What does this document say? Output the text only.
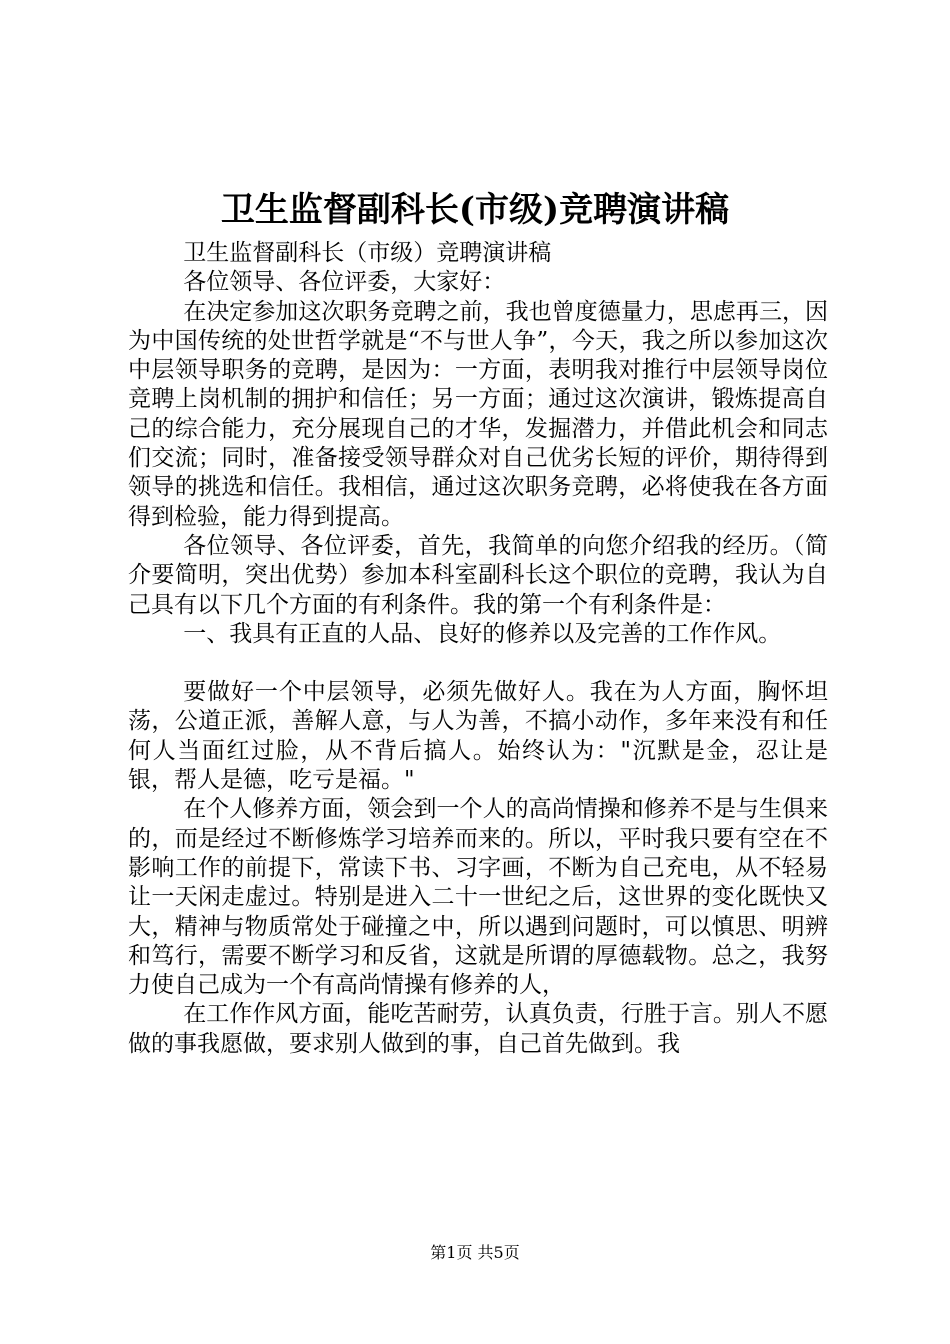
卫生监督副科长(市级)竞聘演讲稿

卫生监督副科长（市级）竞聘演讲稿

各位领导、各位评委，大家好：

在决定参加这次职务竞聘之前，我也曾度德量力，思虑再三，因为中国传统的处世哲学就是“不与世人争”，今天，我之所以参加这次中层领导职务的竞聘，是因为：一方面，表明我对推行中层领导岗位竞聘上岗机制的拥护和信任；另一方面；通过这次演讲，锻炼提高自己的综合能力，充分展现自己的才华，发掘潜力，并借此机会和同志们交流；同时，准备接受领导群众对自己优劣长短的评价，期待得到领导的挑选和信任。我相信，通过这次职务竞聘，必将使我在各方面得到检验，能力得到提高。

各位领导、各位评委，首先，我简单的向您介绍我的经历。（简介要简明，突出优势）参加本科室副科长这个职位的竞聘，我认为自己具有以下几个方面的有利条件。我的第一个有利条件是：

一、我具有正直的人品、良好的修养以及完善的工作作风。

要做好一个中层领导，必须先做好人。我在为人方面，胸怀坦荡，公道正派，善解人意，与人为善，不搞小动作，多年来没有和任何人当面红过脸，从不背后搞人。始终认为："沉默是金，忍让是银，帮人是德，吃亏是福。"

在个人修养方面，领会到一个人的高尚情操和修养不是与生俱来的，而是经过不断修炼学习培养而来的。所以，平时我只要有空在不影响工作的前提下，常读下书、习字画，不断为自己充电，从不轻易让一天闲走虚过。特别是进入二十一世纪之后，这世界的变化既快又大，精神与物质常处于碰撞之中，所以遇到问题时，可以慎思、明辨和笃行，需要不断学习和反省，这就是所谓的厚德载物。总之，我努力使自己成为一个有高尚情操有修养的人，

在工作作风方面，能吃苦耐劳，认真负责，行胜于言。别人不愿做的事我愿做，要求别人做到的事，自己首先做到。我

第1页 共5页
